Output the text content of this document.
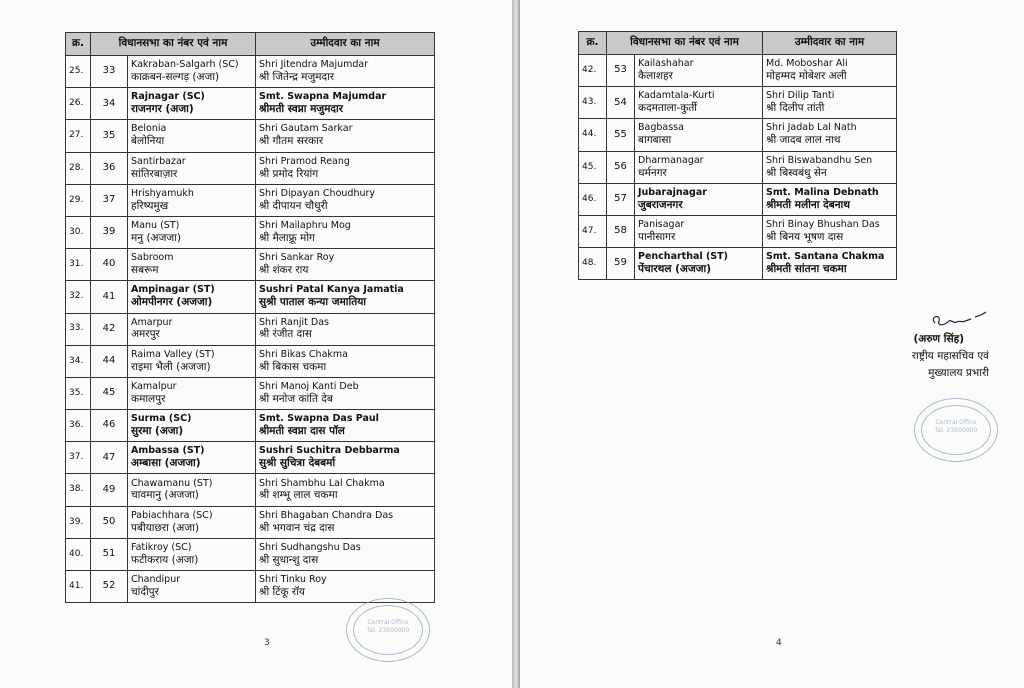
क्र.	विधानसभा का नंबर एवं नाम		उम्मीदवार का नाम
25.	33	Kakraban-Salgarh (SC)
काक्रबन-सल्गड़ (अजा)	Shri Jitendra Majumdar
श्री जितेन्द्र मजुमदार

26.	34	Rajnagar (SC)
राजनगर (अजा)	Smt. Swapna Majumdar
श्रीमती स्वप्ना मजुमदार

27.	35	Belonia
बेलोनिया	Shri Gautam Sarkar
श्री गौतम सरकार

28.	36	Santirbazar
सांतिरबाज़ार	Shri Pramod Reang
श्री प्रमोद रियांग

29.	37	Hrishyamukh
हरिष्यमुख	Shri Dipayan Choudhury
श्री दीपायन चौधुरी

30.	39	Manu (ST)
मनु (अजजा)	Shri Mailaphru Mog
श्री मैलाफ़्रू मोग

31.	40	Sabroom
सबरूम	Shri Sankar Roy
श्री शंकर राय

32.	41	Ampinagar (ST)
ओमपीनगर (अजजा)	Sushri Patal Kanya Jamatia
सुश्री पाताल कन्या जमातिया

33.	42	Amarpur
अमरपुर	Shri Ranjit Das
श्री रंजीत दास

34.	44	Raima Valley (ST)
राइमा भैली (अजजा)	Shri Bikas Chakma
श्री बिकास चकमा

35.	45	Kamalpur
कमालपुर	Shri Manoj Kanti Deb
श्री मनोज कांति देब

36.	46	Surma (SC)
सुरमा (अजा)	Smt. Swapna Das Paul
श्रीमती स्वप्ना दास पॉल

37.	47	Ambassa (ST)
अम्बासा (अजजा)	Sushri Suchitra Debbarma
सुश्री सुचित्रा देबबर्मा

38.	49	Chawamanu (ST)
चावमानु (अजजा)	Shri Shambhu Lal Chakma
श्री शम्भू लाल चकमा

39.	50	Pabiachhara (SC)
पबीयाछरा (अजा)	Shri Bhagaban Chandra Das
श्री भगवान चंद्र दास

40.	51	Fatikroy (SC)
फटीकराय (अजा)	Shri Sudhangshu Das
श्री सुधान्शु दास

41.	52	Chandipur
चांदीपुर	Shri Tinku Roy
श्री टिंकू रॉय
3
Central Office
Tel. 23500000
4
क्र.	विधानसभा का नंबर एवं नाम		उम्मीदवार का नाम
42.	53	Kailashahar
कैलाशहर	Md. Moboshar Ali
मोहम्मद मोबेशर अली

43.	54	Kadamtala-Kurti
कदमताला-कुर्ती	Shri Dilip Tanti
श्री दिलीप तांती

44.	55	Bagbassa
बागबासा	Shri Jadab Lal Nath
श्री जादब लाल नाथ

45.	56	Dharmanagar
धर्मनगर	Shri Biswabandhu Sen
श्री बिस्वबंधु सेन

46.	57	Jubarajnagar
जुबराजनगर	Smt. Malina Debnath
श्रीमती मलीना देबनाथ

47.	58	Panisagar
पानीसागर	Shri Binay Bhushan Das
श्री बिनय भूषण दास

48.	59	Pencharthal (ST)
पेंचारथल (अजजा)	Smt. Santana Chakma
श्रीमती सांतना चकमा
(अरुण सिंह)
राष्ट्रीय महासचिव एवं
मुख्यालय प्रभारी
Central Office
Tel. 23500000
